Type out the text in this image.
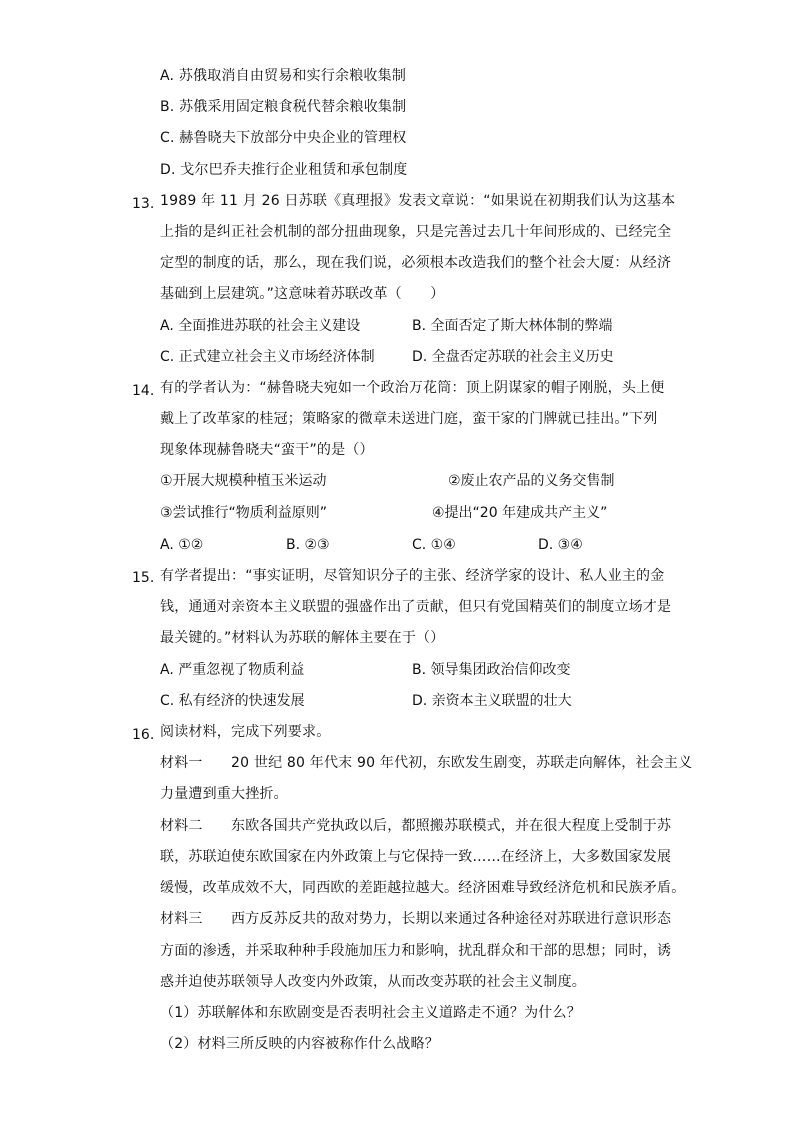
A. 苏俄取消自由贸易和实行余粮收集制
B. 苏俄采用固定粮食税代替余粮收集制
C. 赫鲁晓夫下放部分中央企业的管理权
D. 戈尔巴乔夫推行企业租赁和承包制度
13. 1989 年 11 月 26 日苏联《真理报》发表文章说：“如果说在初期我们认为这基本
上指的是纠正社会机制的部分扭曲现象，只是完善过去几十年间形成的、已经完全
定型的制度的话，那么，现在我们说，必须根本改造我们的整个社会大厦：从经济
基础到上层建筑。”这意味着苏联改革（　　）
A. 全面推进苏联的社会主义建设	B. 全面否定了斯大林体制的弊端
C. 正式建立社会主义市场经济体制	D. 全盘否定苏联的社会主义历史
14. 有的学者认为：“赫鲁晓夫宛如一个政治万花筒：顶上阴谋家的帽子刚脱，头上便
戴上了改革家的桂冠；策略家的微章未送进门庭，蛮干家的门牌就已挂出。”下列
现象体现赫鲁晓夫“蛮干”的是（）
①开展大规模种植玉米运动	②废止农产品的义务交售制
③尝试推行“物质利益原则”	④提出“20 年建成共产主义”
A. ①②	B. ②③	C. ①④	D. ③④
15. 有学者提出：“事实证明，尽管知识分子的主张、经济学家的设计、私人业主的金
钱，通通对亲资本主义联盟的强盛作出了贡献，但只有党国精英们的制度立场才是
最关键的。”材料认为苏联的解体主要在于（）
A. 严重忽视了物质利益	B. 领导集团政治信仰改变
C. 私有经济的快速发展	D. 亲资本主义联盟的壮大
16. 阅读材料，完成下列要求。
材料一　　20 世纪 80 年代末 90 年代初，东欧发生剧变，苏联走向解体，社会主义
力量遭到重大挫折。
材料二　　东欧各国共产党执政以后，都照搬苏联模式，并在很大程度上受制于苏
联，苏联迫使东欧国家在内外政策上与它保持一致……在经济上，大多数国家发展
缓慢，改革成效不大，同西欧的差距越拉越大。经济困难导致经济危机和民族矛盾。
材料三　　西方反苏反共的敌对势力，长期以来通过各种途径对苏联进行意识形态
方面的渗透，并采取种种手段施加压力和影响，扰乱群众和干部的思想；同时，诱
惑并迫使苏联领导人改变内外政策，从而改变苏联的社会主义制度。
（1）苏联解体和东欧剧变是否表明社会主义道路走不通？为什么？
（2）材料三所反映的内容被称作什么战略？
